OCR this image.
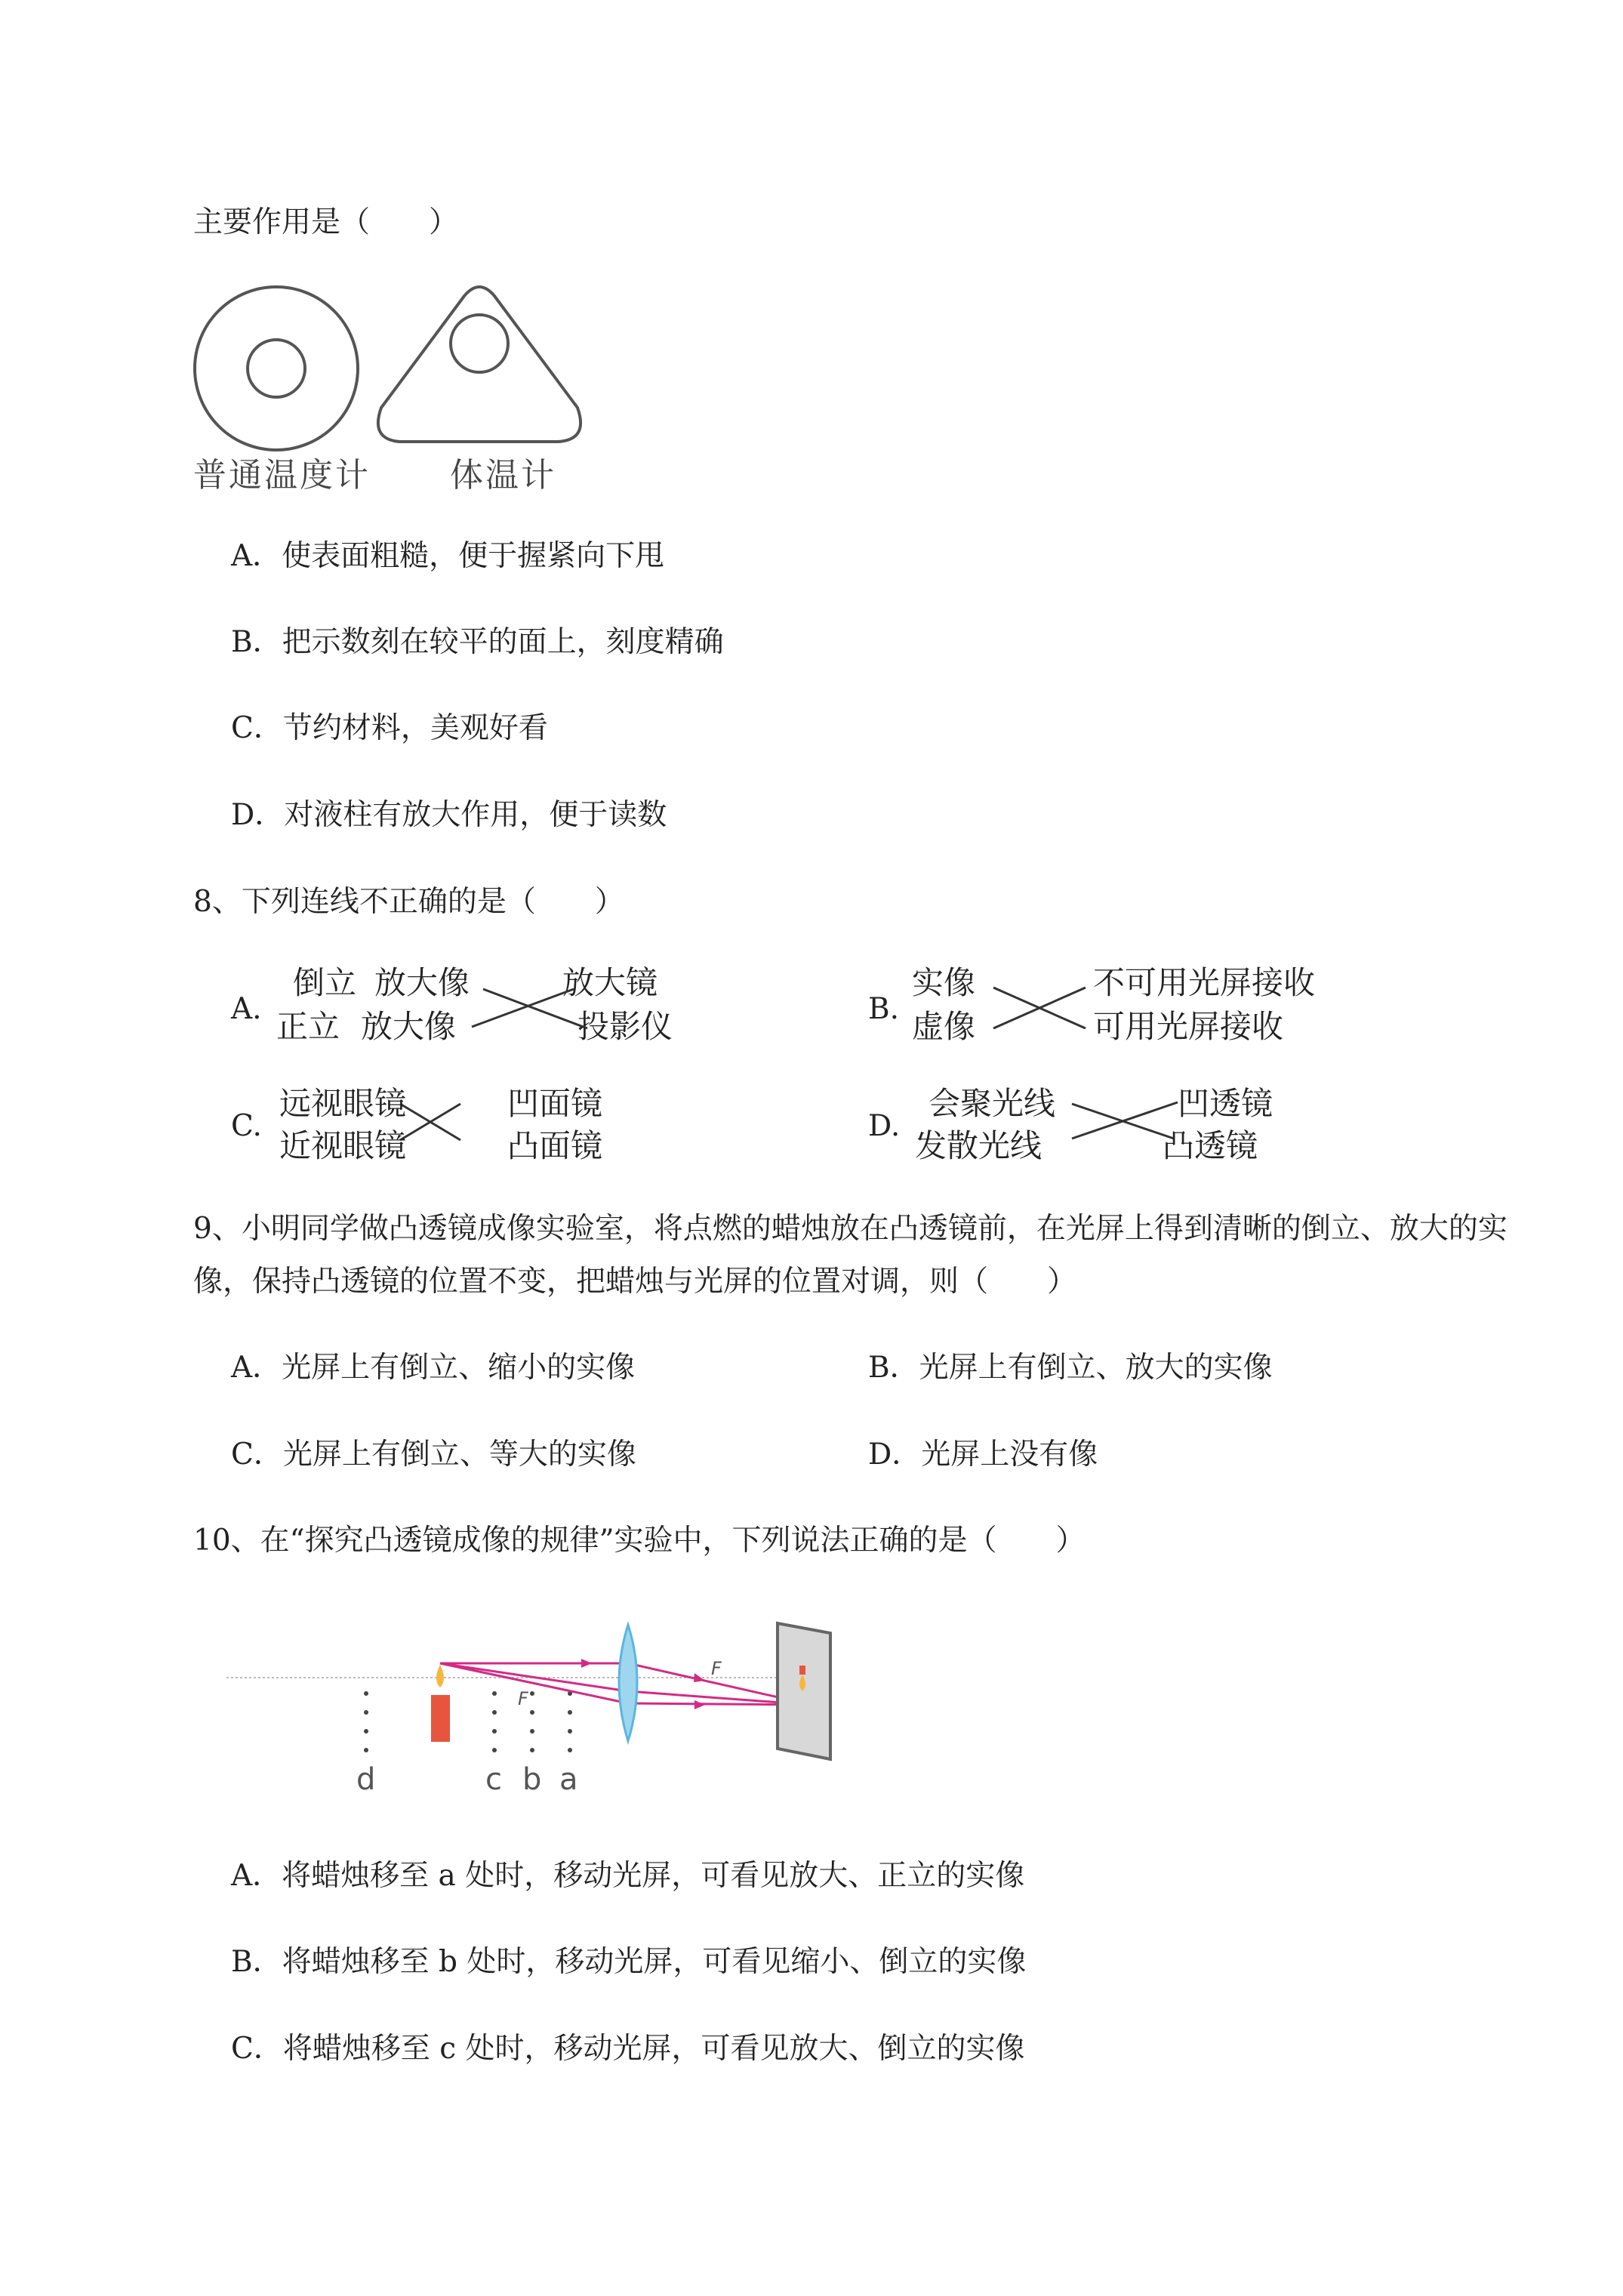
主要作用是（　　）
普通温度计 体温计
A．使表面粗糙，便于握紧向下甩
B．把示数刻在较平的面上，刻度精确
C．节约材料，美观好看
D．对液柱有放大作用，便于读数
8、下列连线不正确的是（　　）
A.
倒立 放大像	放大镜
正立 放大像	投影仪	B.
实像	不可用光屏接收
虚像	可用光屏接收
C.
远视眼镜	凹面镜
近视眼镜	凸面镜
D.
会聚光线	凹透镜
发散光线	凸透镜
9、小明同学做凸透镜成像实验室，将点燃的蜡烛放在凸透镜前，在光屏上得到清晰的倒立、放大的实
像，保持凸透镜的位置不变，把蜡烛与光屏的位置对调，则（　　）
A．光屏上有倒立、缩小的实像	B．光屏上有倒立、放大的实像
C．光屏上有倒立、等大的实像	D．光屏上没有像
10、在“探究凸透镜成像的规律”实验中，下列说法正确的是（　　）
F
F
d	c b a
A．将蜡烛移至 a 处时，移动光屏，可看见放大、正立的实像
B．将蜡烛移至 b 处时，移动光屏，可看见缩小、倒立的实像
C．将蜡烛移至 c 处时，移动光屏，可看见放大、倒立的实像
